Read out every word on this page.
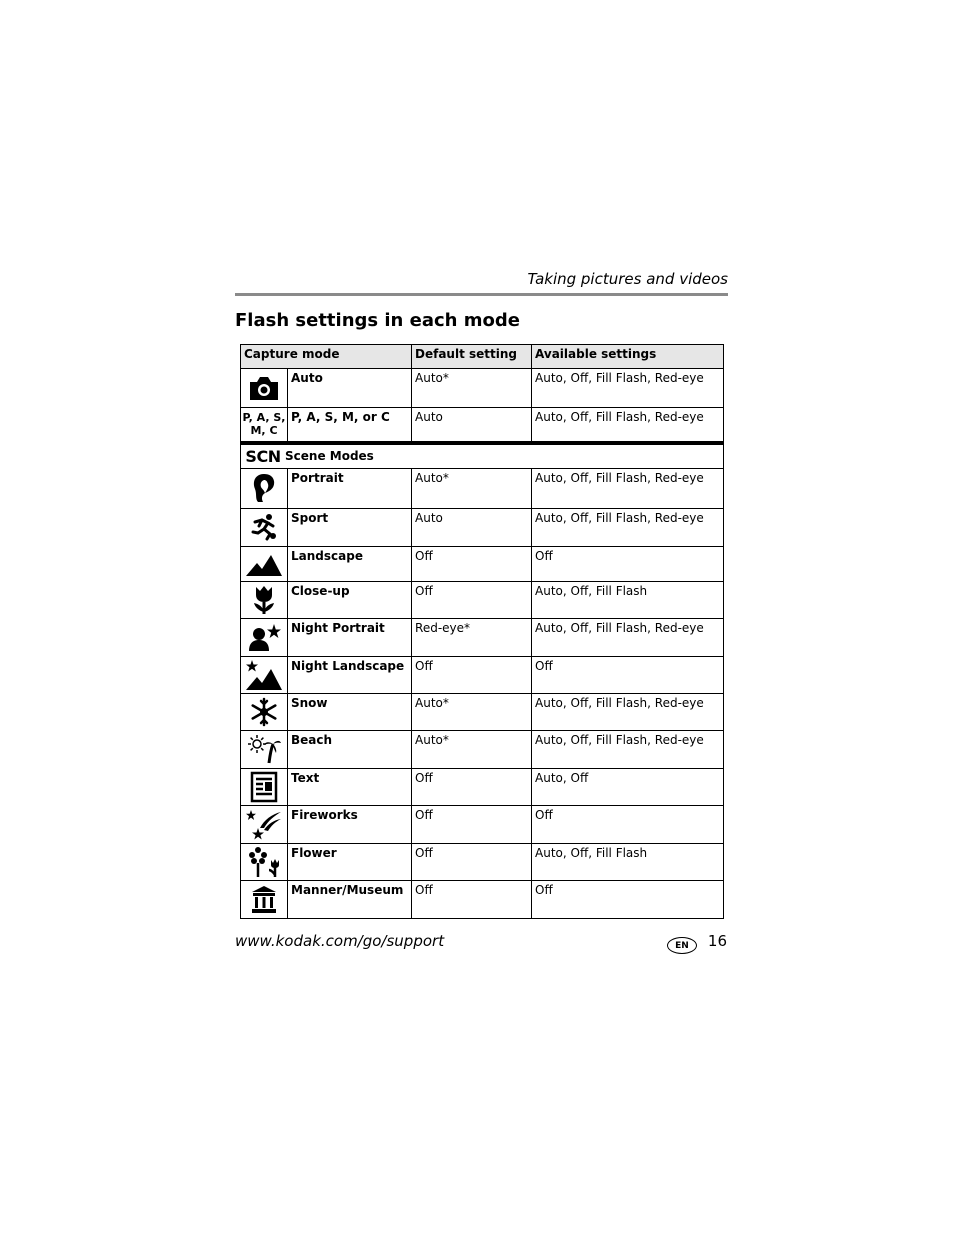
Taking pictures and videos
Flash settings in each mode
Capture mode		Default setting	Available settings

	Auto	Auto*	Auto, Off, Fill Flash, Red-eye
P, A, S, M, C	P, A, S, M, or C	Auto	Auto, Off, Fill Flash, Red-eye

SCN Scene Modes			

	Portrait	Auto*	Auto, Off, Fill Flash, Red-eye

	Sport	Auto	Auto, Off, Fill Flash, Red-eye

	Landscape	Off	Off

	Close-up	Off	Auto, Off, Fill Flash

	Night Portrait	Red-eye*	Auto, Off, Fill Flash, Red-eye

	Night Landscape	Off	Off

	Snow	Auto*	Auto, Off, Fill Flash, Red-eye

	Beach	Auto*	Auto, Off, Fill Flash, Red-eye

	Text	Off	Auto, Off

	Fireworks	Off	Off

	Flower	Off	Auto, Off, Fill Flash

	Manner/Museum	Off	Off
www.kodak.com/go/support	EN	16
